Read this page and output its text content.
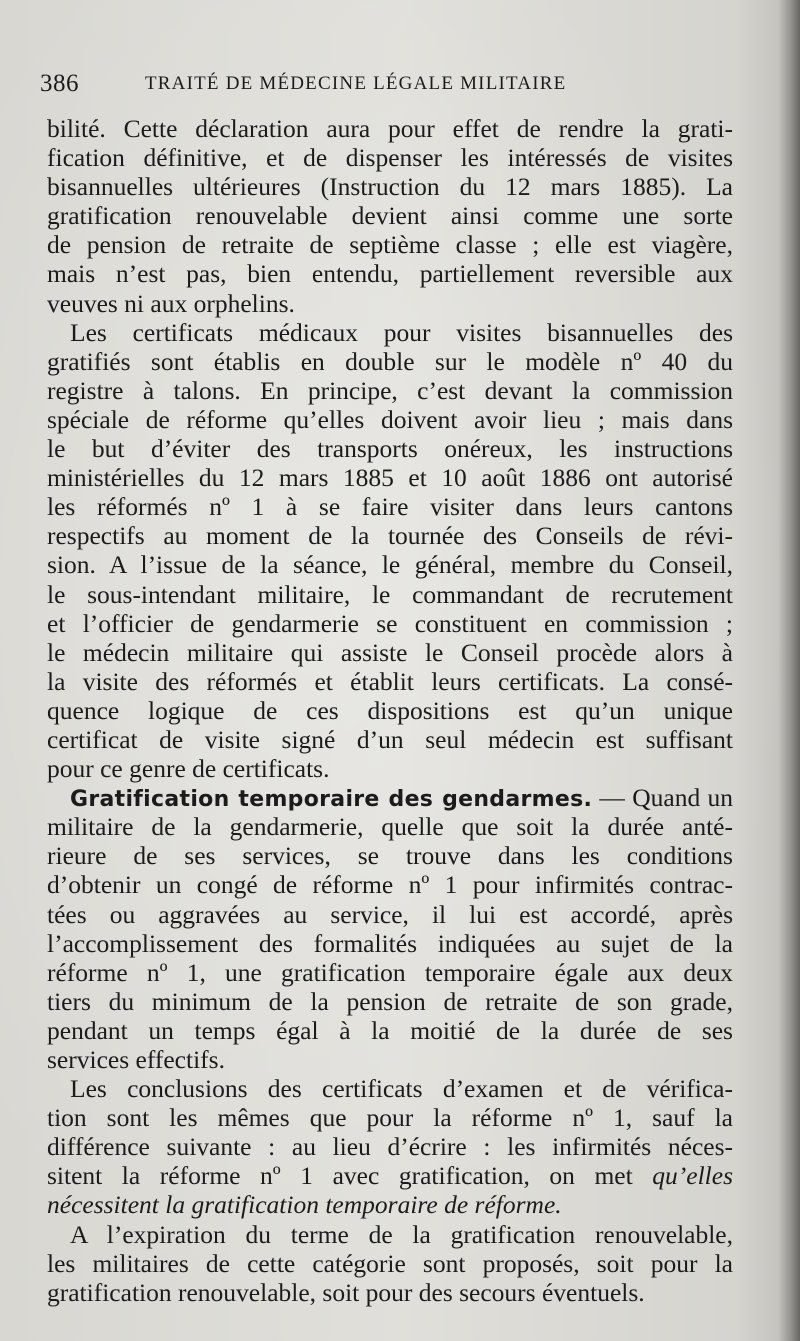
386	TRAITÉ DE MÉDECINE LÉGALE MILITAIRE
bilité. Cette déclaration aura pour effet de rendre la grati-
fication définitive, et de dispenser les intéressés de visites
bisannuelles ultérieures (Instruction du 12 mars 1885). La
gratification renouvelable devient ainsi comme une sorte
de pension de retraite de septième classe ; elle est viagère,
mais n’est pas, bien entendu, partiellement reversible aux
veuves ni aux orphelins.
Les certificats médicaux pour visites bisannuelles des
gratifiés sont établis en double sur le modèle nº 40 du
registre à talons. En principe, c’est devant la commission
spéciale de réforme qu’elles doivent avoir lieu ; mais dans
le but d’éviter des transports onéreux, les instructions
ministérielles du 12 mars 1885 et 10 août 1886 ont autorisé
les réformés nº 1 à se faire visiter dans leurs cantons
respectifs au moment de la tournée des Conseils de révi-
sion. A l’issue de la séance, le général, membre du Conseil,
le sous-intendant militaire, le commandant de recrutement
et l’officier de gendarmerie se constituent en commission ;
le médecin militaire qui assiste le Conseil procède alors à
la visite des réformés et établit leurs certificats. La consé-
quence logique de ces dispositions est qu’un unique
certificat de visite signé d’un seul médecin est suffisant
pour ce genre de certificats.
Gratification temporaire des gendarmes. — Quand un
militaire de la gendarmerie, quelle que soit la durée anté-
rieure de ses services, se trouve dans les conditions
d’obtenir un congé de réforme nº 1 pour infirmités contrac-
tées ou aggravées au service, il lui est accordé, après
l’accomplissement des formalités indiquées au sujet de la
réforme nº 1, une gratification temporaire égale aux deux
tiers du minimum de la pension de retraite de son grade,
pendant un temps égal à la moitié de la durée de ses
services effectifs.
Les conclusions des certificats d’examen et de vérifica-
tion sont les mêmes que pour la réforme nº 1, sauf la
différence suivante : au lieu d’écrire : les infirmités néces-
sitent la réforme nº 1 avec gratification, on met qu’elles
nécessitent la gratification temporaire de réforme.
A l’expiration du terme de la gratification renouvelable,
les militaires de cette catégorie sont proposés, soit pour la
gratification renouvelable, soit pour des secours éventuels.
